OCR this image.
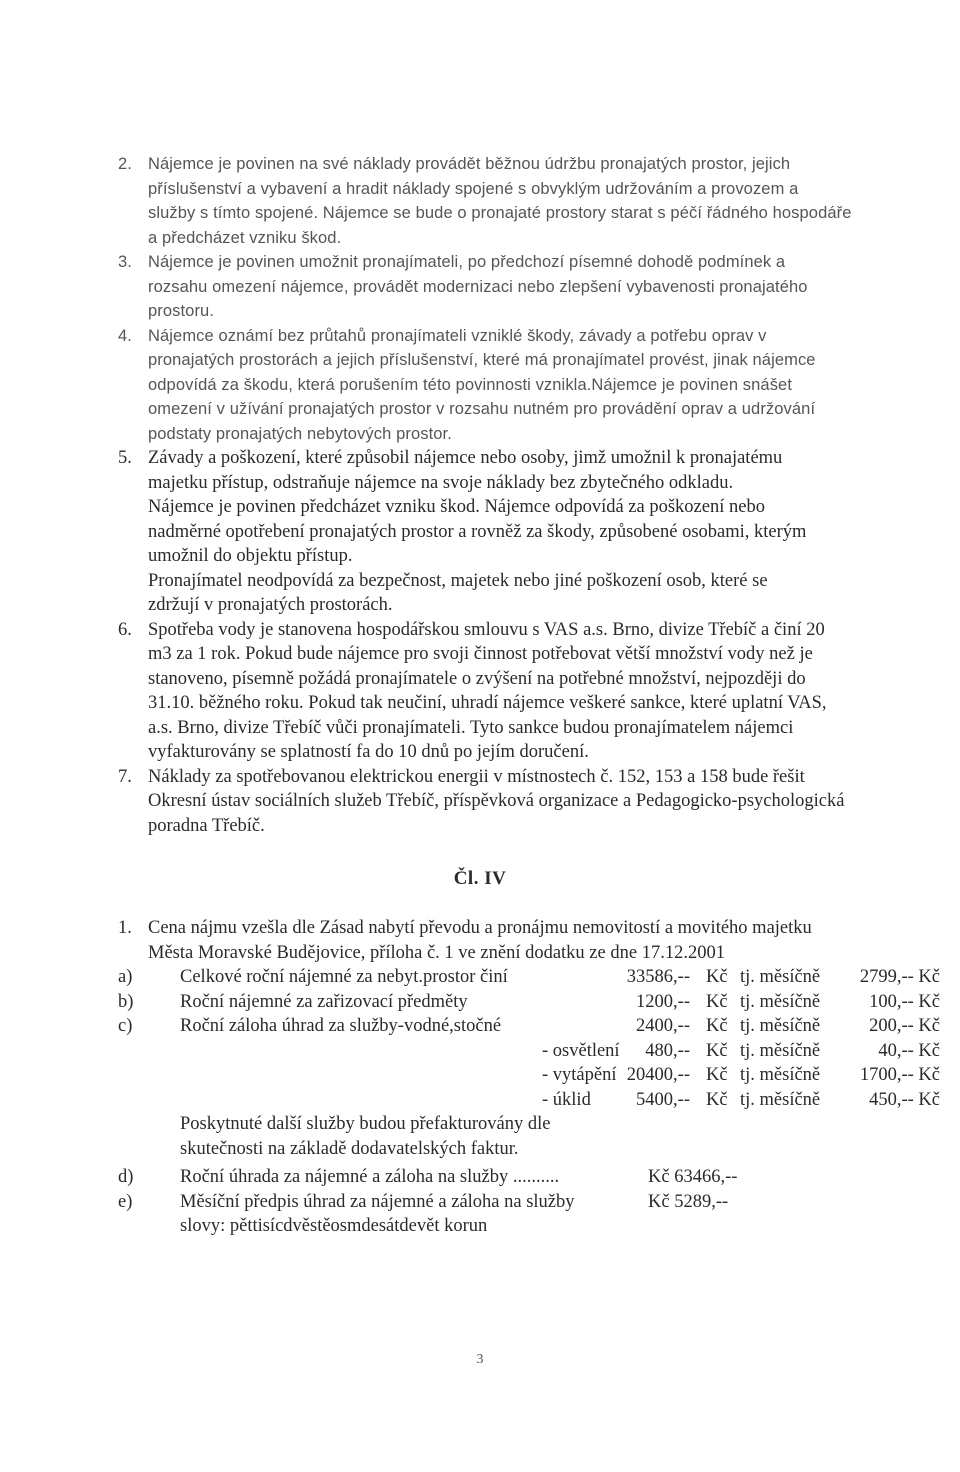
2. Nájemce je povinen na své náklady provádět běžnou údržbu pronajatých prostor, jejich
příslušenství a vybavení a hradit náklady spojené s obvyklým udržováním a provozem a
služby s tímto spojené. Nájemce se bude o pronajaté prostory starat s péčí řádného hospodáře
a předcházet vzniku škod.
3. Nájemce je povinen umožnit pronajímateli, po předchozí písemné dohodě podmínek a
rozsahu omezení nájemce, provádět modernizaci nebo zlepšení vybavenosti pronajatého
prostoru.
4. Nájemce oznámí bez průtahů pronajímateli vzniklé škody, závady a potřebu oprav v
pronajatých prostorách a jejich příslušenství, které má pronajímatel provést, jinak nájemce
odpovídá za škodu, která porušením této povinnosti vznikla.Nájemce je povinen snášet
omezení v užívání pronajatých prostor v rozsahu nutném pro provádění oprav a udržování
podstaty pronajatých nebytových prostor.
5. Závady a poškození, které způsobil nájemce nebo osoby, jimž umožnil k pronajatému
majetku přístup, odstraňuje nájemce na svoje náklady bez zbytečného odkladu.
Nájemce je povinen předcházet vzniku škod. Nájemce odpovídá za poškození nebo
nadměrné opotřebení pronajatých prostor a rovněž za škody, způsobené osobami, kterým
umožnil do objektu přístup.
Pronajímatel neodpovídá za bezpečnost, majetek nebo jiné poškození osob, které se
zdržují v pronajatých prostorách.
6. Spotřeba vody je stanovena hospodářskou smlouvu s VAS a.s. Brno, divize Třebíč a činí 20
m3 za 1 rok. Pokud bude nájemce pro svoji činnost potřebovat větší množství vody než je
stanoveno, písemně požádá pronajímatele o zvýšení na potřebné množství, nejpozději do
31.10. běžného roku. Pokud tak neučiní, uhradí nájemce veškeré sankce, které uplatní VAS,
a.s. Brno, divize Třebíč vůči pronajímateli. Tyto sankce budou pronajímatelem nájemci
vyfakturovány se splatností fa do 10 dnů po jejím doručení.
7. Náklady za spotřebovanou elektrickou energii v místnostech č. 152, 153 a 158 bude řešit
Okresní ústav sociálních služeb Třebíč, příspěvková organizace a Pedagogicko-psychologická
poradna Třebíč.
Čl. IV
1. Cena nájmu vzešla dle Zásad nabytí převodu a pronájmu nemovitostí a movitého majetku
Města Moravské Budějovice, příloha č. 1 ve znění dodatku ze dne 17.12.2001
a)	Celkové roční nájemné za nebyt.prostor činí	33586,-- Kč tj. měsíčně 2799,-- Kč
b)	Roční nájemné za zařizovací předměty	1200,-- Kč tj. měsíčně	100,-- Kč
c)	Roční záloha úhrad za služby-vodné,stočné	2400,-- Kč tj. měsíčně	200,-- Kč
- osvětlení 480,-- Kč tj. měsíčně	40,-- Kč
- vytápění 20400,-- Kč tj. měsíčně 1700,-- Kč
- úklid 5400,-- Kč tj. měsíčně	450,-- Kč
Poskytnuté další služby budou přefakturovány dle
skutečnosti na základě dodavatelských faktur.
d)	Roční úhrada za nájemné a záloha na služby ..........	Kč 63466,--
e)	Měsíční předpis úhrad za nájemné a záloha na služby	Kč 5289,--
slovy: pěttisícdvěstěosmdesátdevět korun
3
